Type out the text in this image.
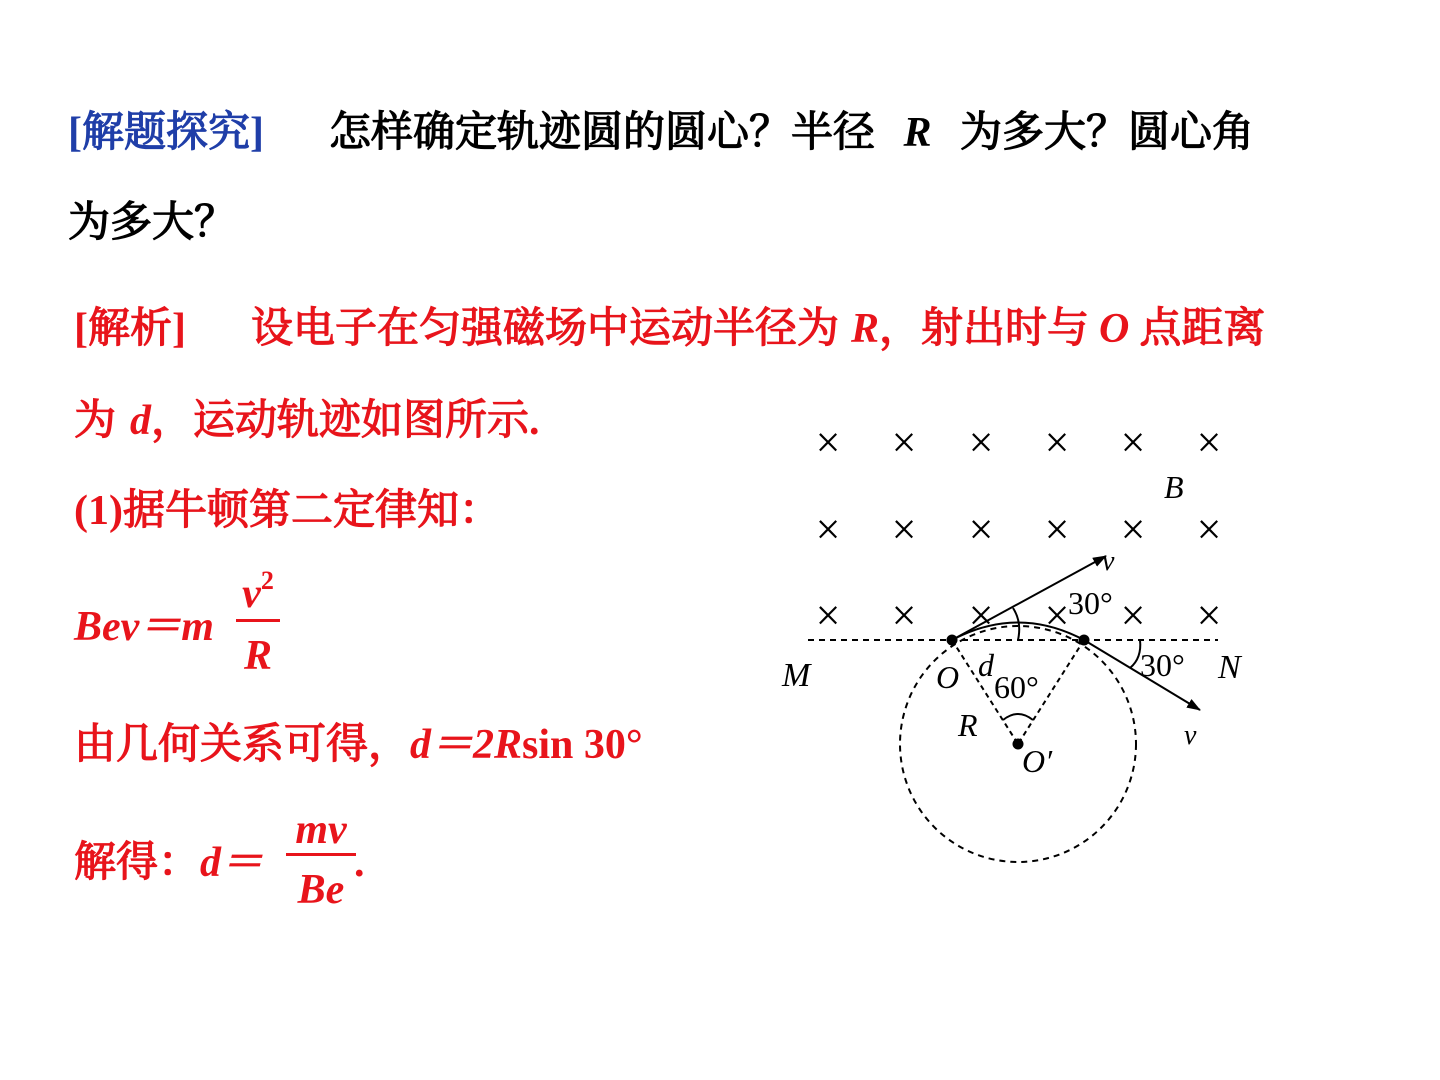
[解题探究] 怎样确定轨迹圆的圆心？半径 R 为多大？圆心角
为多大？
[解析] 设电子在匀强磁场中运动半径为 R，射出时与 O 点距离
为 d，运动轨迹如图所示.
(1)据牛顿第二定律知：
Bev＝m
$v^2$
R
由几何关系可得，d＝2Rsin 30°
解得：d＝
mv
Be
.
× × × × × ×
× × × × × ×
× × × × × ×
B
v
30°
M	O d
60°
30° N
R	v
O′
